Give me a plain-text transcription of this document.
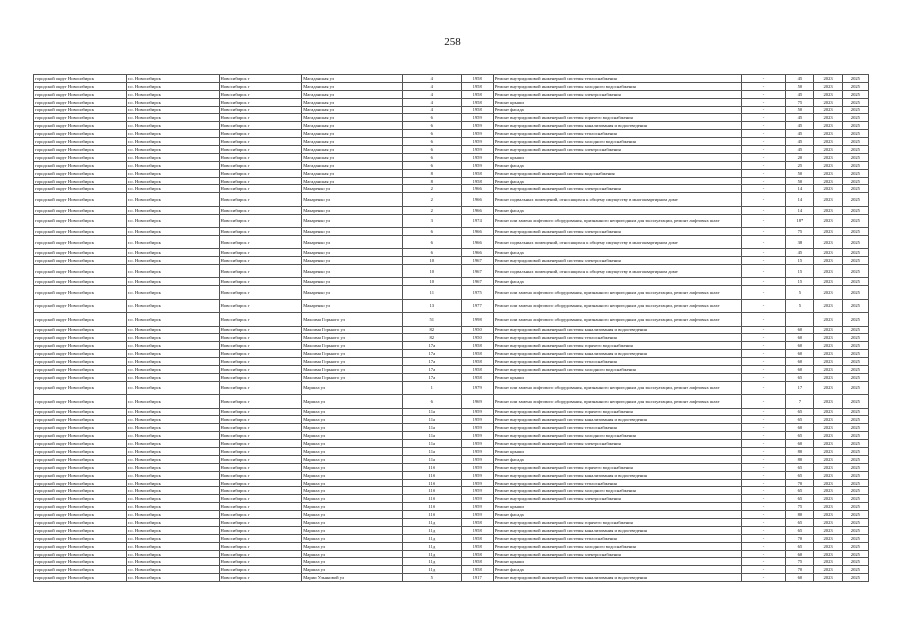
258
городской округ Новосибирск	г.о. Новосибирск	Новосибирск г	Магаданская ул	4	1958	Ремонт внутридомовой инженерной системы теплоснабжения	-	45	2023	2025
городской округ Новосибирск	г.о. Новосибирск	Новосибирск г	Магаданская ул	4	1958	Ремонт внутридомовой инженерной системы холодного водоснабжения	-	50	2023	2025
городской округ Новосибирск	г.о. Новосибирск	Новосибирск г	Магаданская ул	4	1958	Ремонт внутридомовой инженерной системы электроснабжения	-	45	2023	2025
городской округ Новосибирск	г.о. Новосибирск	Новосибирск г	Магаданская ул	4	1958	Ремонт крыши	-	75	2023	2025
городской округ Новосибирск	г.о. Новосибирск	Новосибирск г	Магаданская ул	4	1958	Ремонт фасада	-	50	2023	2025
городской округ Новосибирск	г.о. Новосибирск	Новосибирск г	Магаданская ул	6	1959	Ремонт внутридомовой инженерной системы горячего водоснабжения	-	45	2023	2025
городской округ Новосибирск	г.о. Новосибирск	Новосибирск г	Магаданская ул	6	1959	Ремонт внутридомовой инженерной системы канализования и водоотведения	-	45	2023	2025
городской округ Новосибирск	г.о. Новосибирск	Новосибирск г	Магаданская ул	6	1959	Ремонт внутридомовой инженерной системы теплоснабжения	-	45	2023	2025
городской округ Новосибирск	г.о. Новосибирск	Новосибирск г	Магаданская ул	6	1959	Ремонт внутридомовой инженерной системы холодного водоснабжения	-	45	2023	2025
городской округ Новосибирск	г.о. Новосибирск	Новосибирск г	Магаданская ул	6	1959	Ремонт внутридомовой инженерной системы электроснабжения	-	45	2023	2025
городской округ Новосибирск	г.о. Новосибирск	Новосибирск г	Магаданская ул	6	1959	Ремонт крыши	-	20	2023	2025
городской округ Новосибирск	г.о. Новосибирск	Новосибирск г	Магаданская ул	6	1959	Ремонт фасада	-	25	2023	2025
городской округ Новосибирск	г.о. Новосибирск	Новосибирск г	Магаданская ул	8	1958	Ремонт внутридомовой инженерной системы водоснабжения	-	50	2023	2025
городской округ Новосибирск	г.о. Новосибирск	Новосибирск г	Магаданская ул	8	1958	Ремонт фасада	-	50	2023	2025
городской округ Новосибирск	г.о. Новосибирск	Новосибирск г	Макаренко ул	2	1966	Ремонт внутридомовой инженерной системы электроснабжения	-	14	2023	2025
городской округ Новосибирск	г.о. Новосибирск	Новосибирск г	Макаренко ул	2	1966	Ремонт подвальных помещений, относящихся к общему имуществу в многоквартирном доме	-	14	2023	2025
городской округ Новосибирск	г.о. Новосибирск	Новосибирск г	Макаренко ул	2	1966	Ремонт фасада	-	14	2023	2025
городской округ Новосибирск	г.о. Новосибирск	Новосибирск г	Макаренко ул	3	1974	Ремонт или замена лифтового оборудования, признанного непригодным для эксплуатации, ремонт лифтовых шахт	-	18*	2023	2025
городской округ Новосибирск	г.о. Новосибирск	Новосибирск г	Макаренко ул	6	1966	Ремонт внутридомовой инженерной системы электроснабжения	-	75	2023	2025
городской округ Новосибирск	г.о. Новосибирск	Новосибирск г	Макаренко ул	6	1966	Ремонт подвальных помещений, относящихся к общему имуществу в многоквартирном доме	-	38	2023	2025
городской округ Новосибирск	г.о. Новосибирск	Новосибирск г	Макаренко ул	6	1966	Ремонт фасада	-	45	2023	2025
городской округ Новосибирск	г.о. Новосибирск	Новосибирск г	Макаренко ул	10	1967	Ремонт внутридомовой инженерной системы электроснабжения	-	15	2023	2025
городской округ Новосибирск	г.о. Новосибирск	Новосибирск г	Макаренко ул	10	1967	Ремонт подвальных помещений, относящихся к общему имуществу в многоквартирном доме	-	15	2023	2025
городской округ Новосибирск	г.о. Новосибирск	Новосибирск г	Макаренко ул	10	1967	Ремонт фасада	-	15	2023	2025
городской округ Новосибирск	г.о. Новосибирск	Новосибирск г	Макаренко ул	11	1975	Ремонт или замена лифтового оборудования, признанного непригодным для эксплуатации, ремонт лифтовых шахт	-	5	2023	2025
городской округ Новосибирск	г.о. Новосибирск	Новосибирск г	Макаренко ул	13	1977	Ремонт или замена лифтового оборудования, признанного непригодным для эксплуатации, ремонт лифтовых шахт	-	5	2023	2025
городской округ Новосибирск	г.о. Новосибирск	Новосибирск г	Максима Горького ул	51	1998	Ремонт или замена лифтового оборудования, признанного непригодным для эксплуатации, ремонт лифтовых шахт	-		2023	2025
городской округ Новосибирск	г.о. Новосибирск	Новосибирск г	Максима Горького ул	82	1950	Ремонт внутридомовой инженерной системы канализования и водоотведения	-	60	2023	2025
городской округ Новосибирск	г.о. Новосибирск	Новосибирск г	Максима Горького ул	82	1950	Ремонт внутридомовой инженерной системы теплоснабжения	-	60	2023	2025
городской округ Новосибирск	г.о. Новосибирск	Новосибирск г	Максима Горького ул	17а	1958	Ремонт внутридомовой инженерной системы горячего водоснабжения	-	60	2023	2025
городской округ Новосибирск	г.о. Новосибирск	Новосибирск г	Максима Горького ул	17а	1958	Ремонт внутридомовой инженерной системы канализования и водоотведения	-	60	2023	2025
городской округ Новосибирск	г.о. Новосибирск	Новосибирск г	Максима Горького ул	17а	1958	Ремонт внутридомовой инженерной системы теплоснабжения	-	60	2023	2025
городской округ Новосибирск	г.о. Новосибирск	Новосибирск г	Максима Горького ул	17а	1958	Ремонт внутридомовой инженерной системы холодного водоснабжения	-	60	2023	2025
городской округ Новосибирск	г.о. Новосибирск	Новосибирск г	Максима Горького ул	17а	1958	Ремонт крыши	-	65	2023	2025
городской округ Новосибирск	г.о. Новосибирск	Новосибирск г	Маршла ул	1	1979	Ремонт или замена лифтового оборудования, признанного непригодным для эксплуатации, ремонт лифтовых шахт	-	17	2023	2025
городской округ Новосибирск	г.о. Новосибирск	Новосибирск г	Маршла ул	6	1969	Ремонт или замена лифтового оборудования, признанного непригодным для эксплуатации, ремонт лифтовых шахт	-	7	2023	2025
городской округ Новосибирск	г.о. Новосибирск	Новосибирск г	Маршла ул	11а	1959	Ремонт внутридомовой инженерной системы горячего водоснабжения	-	65	2023	2025
городской округ Новосибирск	г.о. Новосибирск	Новосибирск г	Маршла ул	11а	1959	Ремонт внутридомовой инженерной системы канализования и водоотведения	-	65	2023	2025
городской округ Новосибирск	г.о. Новосибирск	Новосибирск г	Маршла ул	11а	1959	Ремонт внутридомовой инженерной системы теплоснабжения	-	60	2023	2025
городской округ Новосибирск	г.о. Новосибирск	Новосибирск г	Маршла ул	11а	1959	Ремонт внутридомовой инженерной системы холодного водоснабжения	-	65	2023	2025
городской округ Новосибирск	г.о. Новосибирск	Новосибирск г	Маршла ул	11а	1959	Ремонт внутридомовой инженерной системы электроснабжения	-	60	2023	2025
городской округ Новосибирск	г.о. Новосибирск	Новосибирск г	Маршла ул	11а	1959	Ремонт крыши	-	80	2023	2025
городской округ Новосибирск	г.о. Новосибирск	Новосибирск г	Маршла ул	11а	1959	Ремонт фасада	-	80	2023	2025
городской округ Новосибирск	г.о. Новосибирск	Новосибирск г	Маршла ул	11б	1959	Ремонт внутридомовой инженерной системы горячего водоснабжения	-	65	2023	2025
городской округ Новосибирск	г.о. Новосибирск	Новосибирск г	Маршла ул	11б	1959	Ремонт внутридомовой инженерной системы канализования и водоотведения	-	65	2023	2025
городской округ Новосибирск	г.о. Новосибирск	Новосибирск г	Маршла ул	11б	1959	Ремонт внутридомовой инженерной системы теплоснабжения	-	70	2023	2025
городской округ Новосибирск	г.о. Новосибирск	Новосибирск г	Маршла ул	11б	1959	Ремонт внутридомовой инженерной системы холодного водоснабжения	-	65	2023	2025
городской округ Новосибирск	г.о. Новосибирск	Новосибирск г	Маршла ул	11б	1959	Ремонт внутридомовой инженерной системы электроснабжения	-	65	2023	2025
городской округ Новосибирск	г.о. Новосибирск	Новосибирск г	Маршла ул	11б	1959	Ремонт крыши	-	75	2023	2025
городской округ Новосибирск	г.о. Новосибирск	Новосибирск г	Маршла ул	11б	1959	Ремонт фасада	-	80	2023	2025
городской округ Новосибирск	г.о. Новосибирск	Новосибирск г	Маршла ул	11д	1958	Ремонт внутридомовой инженерной системы горячего водоснабжения	-	65	2023	2025
городской округ Новосибирск	г.о. Новосибирск	Новосибирск г	Маршла ул	11д	1958	Ремонт внутридомовой инженерной системы канализования и водоотведения	-	65	2023	2025
городской округ Новосибирск	г.о. Новосибирск	Новосибирск г	Маршла ул	11д	1958	Ремонт внутридомовой инженерной системы теплоснабжения	-	70	2023	2025
городской округ Новосибирск	г.о. Новосибирск	Новосибирск г	Маршла ул	11д	1958	Ремонт внутридомовой инженерной системы холодного водоснабжения	-	65	2023	2025
городской округ Новосибирск	г.о. Новосибирск	Новосибирск г	Маршла ул	11д	1958	Ремонт внутридомовой инженерной системы электроснабжения	-	60	2023	2025
городской округ Новосибирск	г.о. Новосибирск	Новосибирск г	Маршла ул	11д	1958	Ремонт крыши	-	75	2023	2025
городской округ Новосибирск	г.о. Новосибирск	Новосибирск г	Маршла ул	11д	1958	Ремонт фасада	-	70	2023	2025
городской округ Новосибирск	г.о. Новосибирск	Новосибирск г	Марии Ульяновой ул	5	1917	Ремонт внутридомовой инженерной системы канализования и водоотведения	-	60	2023	2025
